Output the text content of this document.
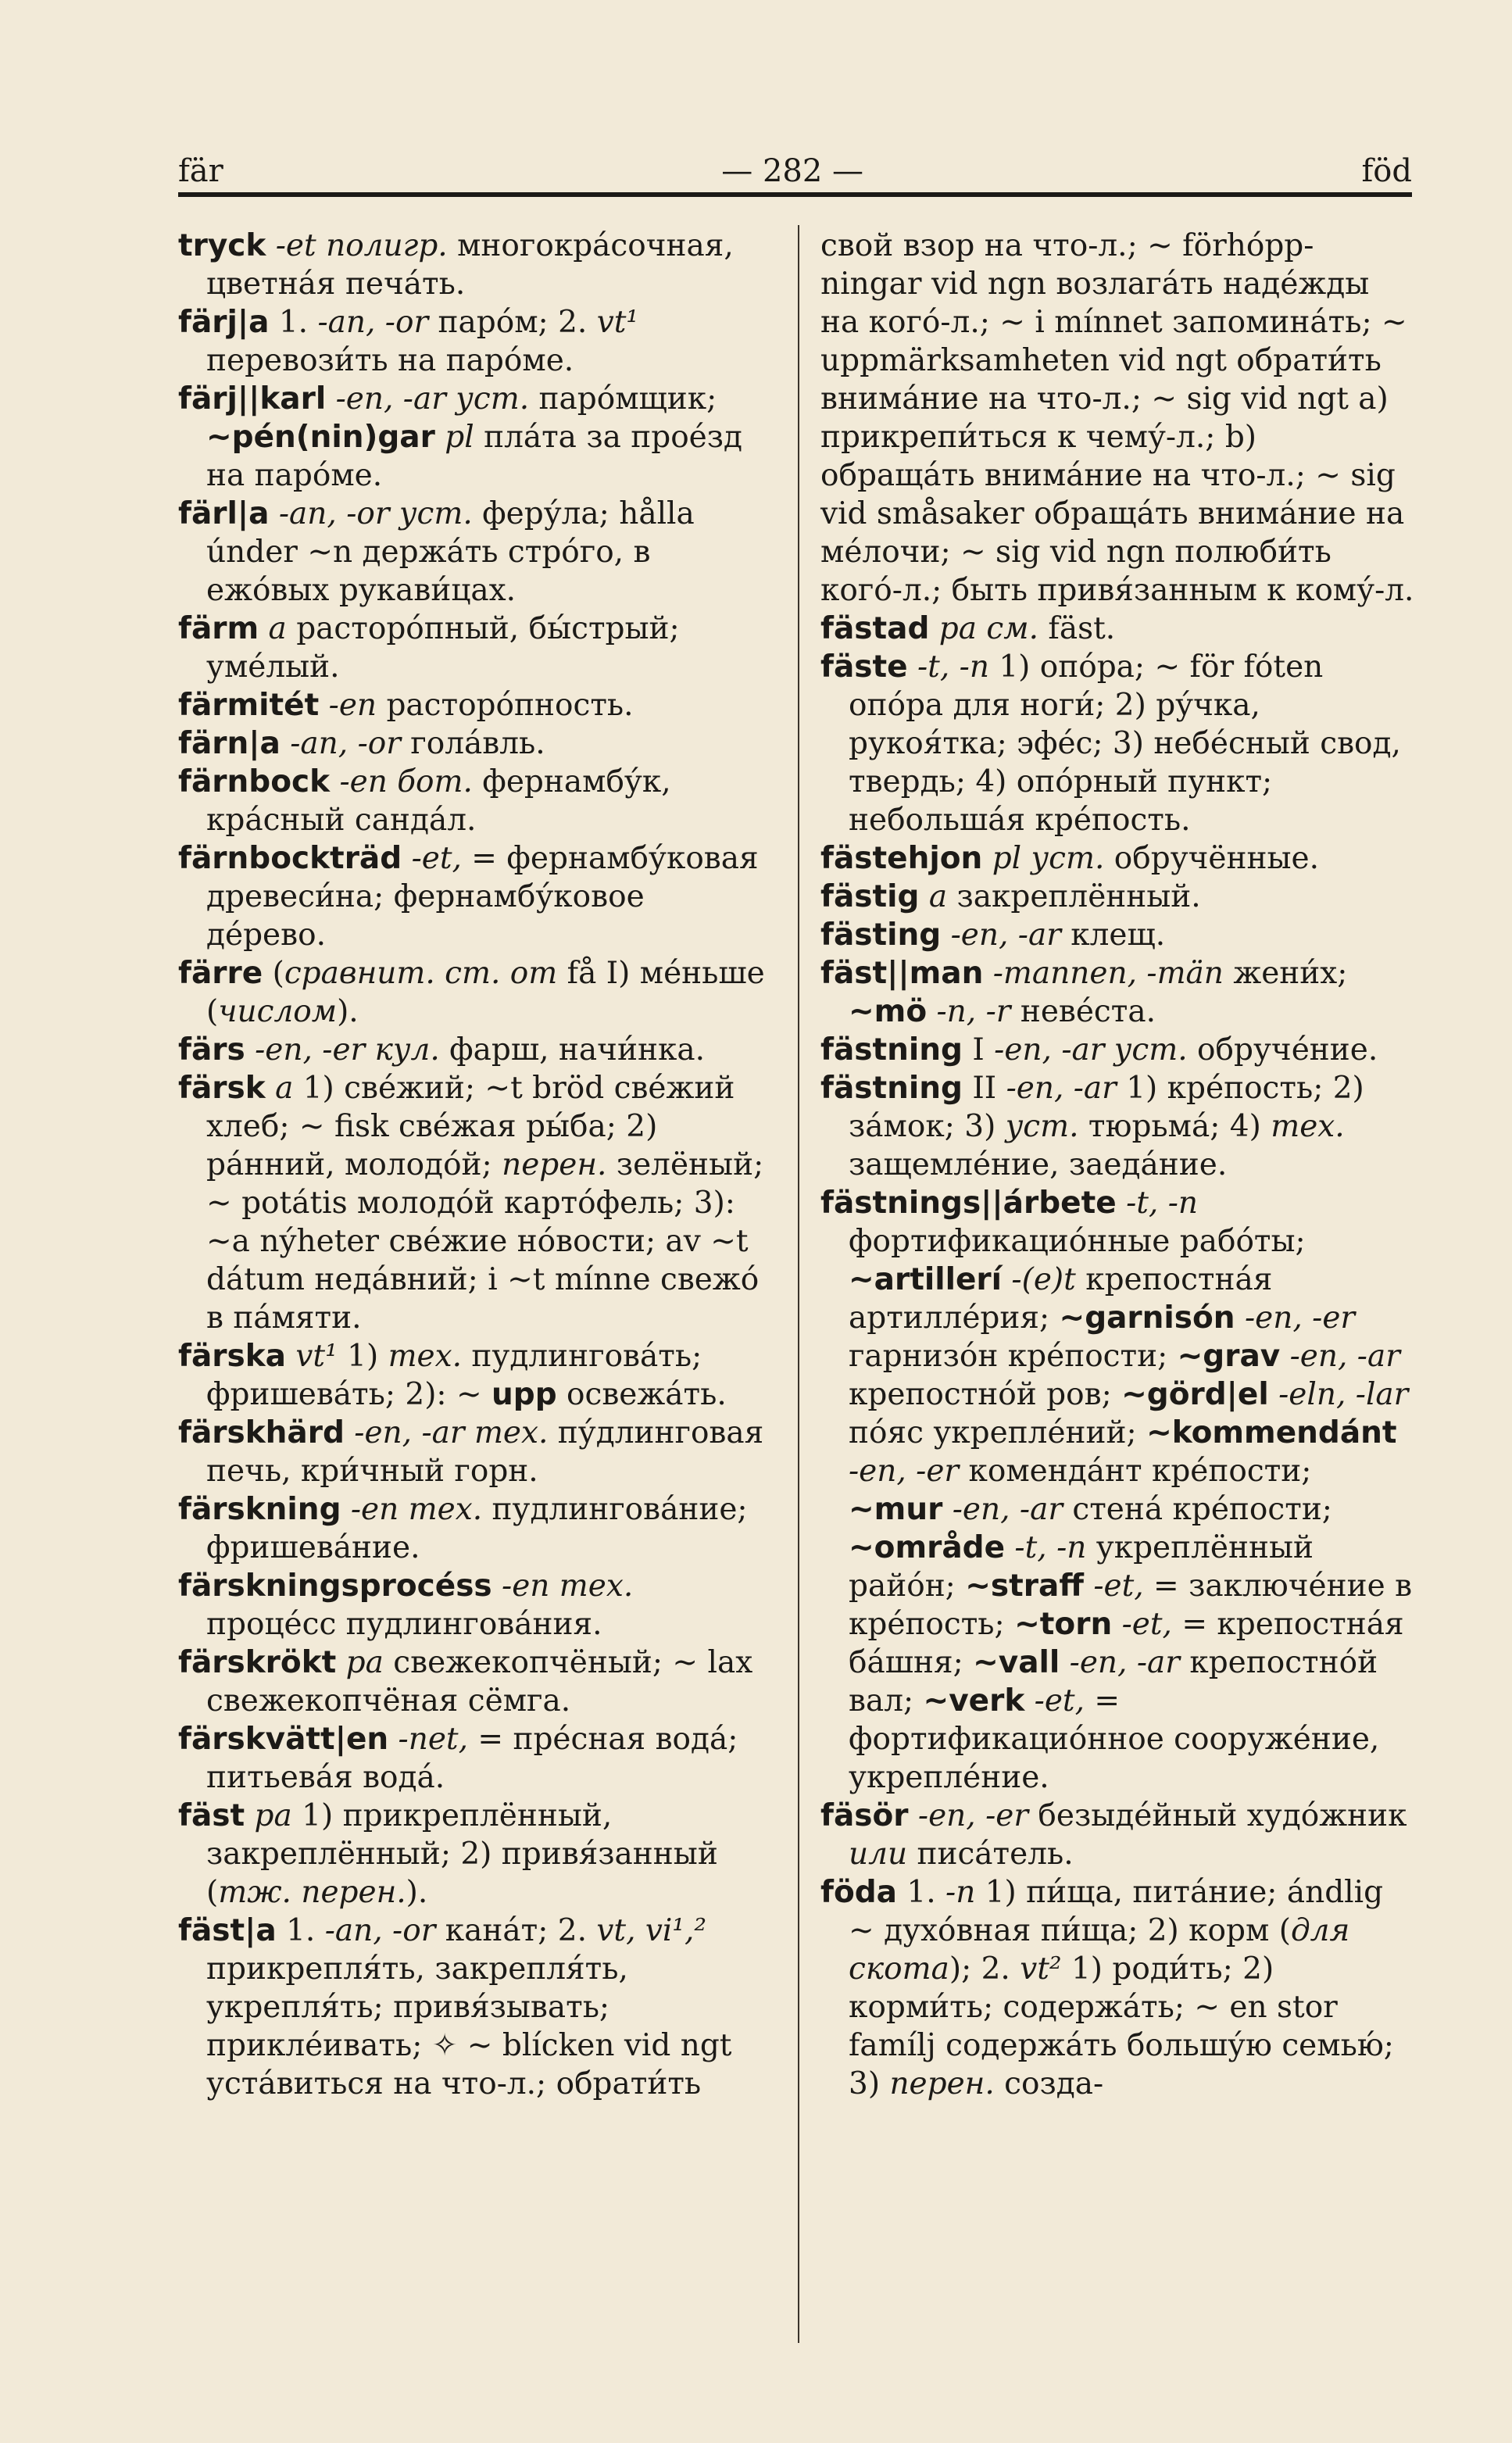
fär	— 282 —	föd

tryck -et полигр. многокра́сочная, цветна́я печа́ть.

färj|a 1. -an, -or паро́м; 2. vt¹ перевози́ть на паро́ме.

färj||karl -en, -ar уст. паро́мщик; ~pén(nin)gar pl пла́та за прое́зд на паро́ме.

färl|a -an, -or уст. феру́ла; hålla únder ~n держа́ть стро́го, в ежо́вых рукави́цах.

färm a расторо́пный, бы́стрый; уме́лый.

färmitét -en расторо́пность.

färn|a -an, -or гола́вль.

färnbock -en бот. фернамбу́к, кра́сный санда́л.

färnbockträd -et, = фернамбу́ковая древеси́на; фернамбу́ковое де́рево.

färre (сравнит. ст. от få I) ме́ньше (числом).

färs -en, -er кул. фарш, начи́нка.

färsk a 1) све́жий; ~t bröd све́жий хлеб; ~ fisk све́жая ры́ба; 2) ра́нний, молодо́й; перен. зелёный; ~ potátis молодо́й карто́фель; 3): ~a nýheter све́жие но́вости; av ~t dátum неда́вний; i ~t mínne свежо́ в па́мяти.

färska vt¹ 1) тех. пудлингова́ть; фришева́ть; 2): ~ upp освежа́ть.

färskhärd -en, -ar тех. пу́длинговая печь, кри́чный горн.

färskning -en тех. пудлингова́ние; фришева́ние.

färskningsprocéss -en тех. проце́сс пудлингова́ния.

färskrökt pa свежекопчёный; ~ lax свежекопчёная сёмга.

färskvätt|en -net, = пре́сная вода́; питьева́я вода́.

fäst pa 1) прикреплённый, закреплённый; 2) привя́занный (тж. перен.).

fäst|a 1. -an, -or кана́т; 2. vt, vi¹,² прикрепля́ть, закрепля́ть, укрепля́ть; привя́зывать; прикле́ивать; ✧ ~ blícken vid ngt уста́виться на что-л.; обрати́ть

свой взор на что-л.; ~ förhópp-ningar vid ngn возлага́ть наде́жды на кого́-л.; ~ i mínnet запомина́ть; ~ uppmärksamheten vid ngt обрати́ть внима́ние на что-л.; ~ sig vid ngt а) прикрепи́ться к чему́-л.; b) обраща́ть внима́ние на что-л.; ~ sig vid småsaker обраща́ть внима́ние на ме́лочи; ~ sig vid ngn полюби́ть кого́-л.; быть привя́занным к кому́-л.

fästad pa см. fäst.

fäste -t, -n 1) опо́ра; ~ för fóten опо́ра для ноги́; 2) ру́чка, рукоя́тка; эфе́с; 3) небе́сный свод, твердь; 4) опо́рный пункт; небольша́я кре́пость.

fästehjon pl уст. обручённые.

fästig a закреплённый.

fästing -en, -ar клещ.

fäst||man -mannen, -män жени́х; ~mö -n, -r неве́ста.

fästning I -en, -ar уст. обруче́ние.

fästning II -en, -ar 1) кре́пость; 2) за́мок; 3) уст. тюрьма́; 4) тех. защемле́ние, заеда́ние.

fästnings||árbete -t, -n фортификацио́нные рабо́ты; ~artillerí -(e)t крепостна́я артилле́рия; ~garnisón -en, -er гарнизо́н кре́пости; ~grav -en, -ar крепостно́й ров; ~görd|el -eln, -lar по́яс укрепле́ний; ~kommendánt -en, -er коменда́нт кре́пости; ~mur -en, -ar стена́ кре́пости; ~område -t, -n укреплённый райо́н; ~straff -et, = заключе́ние в кре́пость; ~torn -et, = крепостна́я ба́шня; ~vall -en, -ar крепостно́й вал; ~verk -et, = фортификацио́нное сооруже́ние, укрепле́ние.

fäsör -en, -er безыде́йный худо́жник или писа́тель.

föda 1. -n 1) пи́ща, пита́ние; ándlig ~ духо́вная пи́ща; 2) корм (для скота); 2. vt² 1) роди́ть; 2) корми́ть; содержа́ть; ~ en stor famílj содержа́ть большу́ю семью́; 3) перен. созда-
